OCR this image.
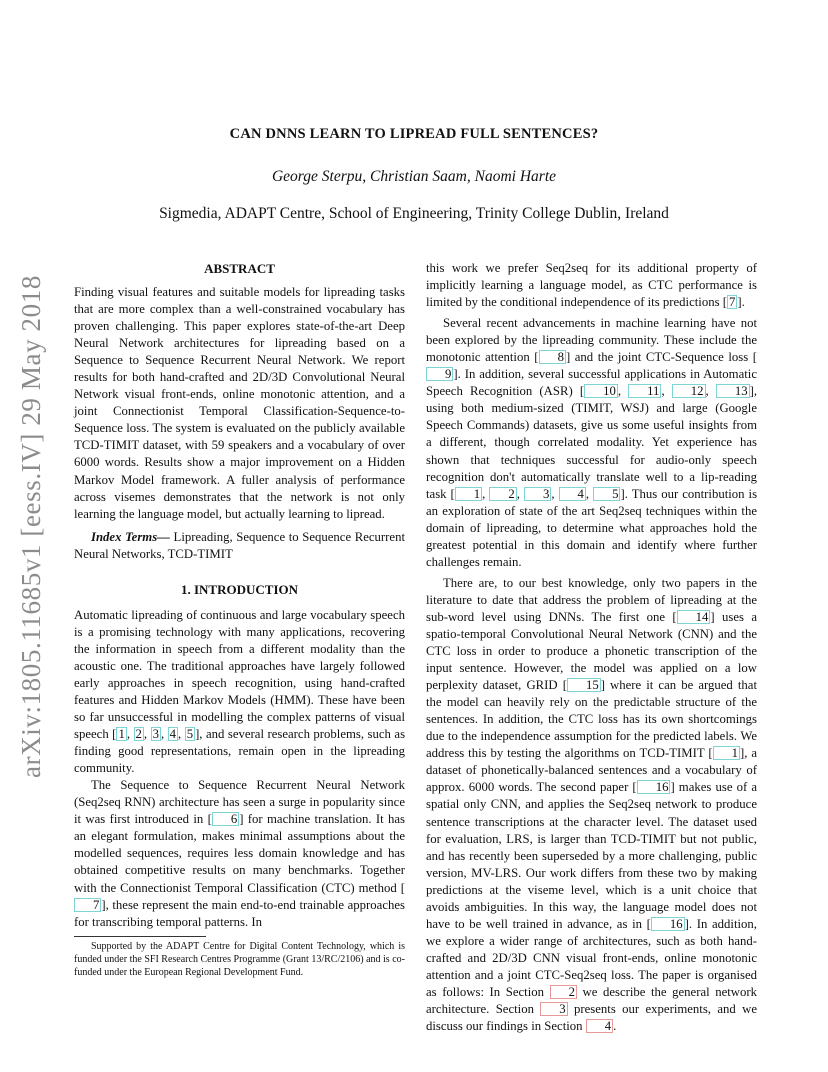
arXiv:1805.11685v1 [eess.IV] 29 May 2018
CAN DNNS LEARN TO LIPREAD FULL SENTENCES?
George Sterpu, Christian Saam, Naomi Harte
Sigmedia, ADAPT Centre, School of Engineering, Trinity College Dublin, Ireland
ABSTRACT

Finding visual features and suitable models for lipreading tasks that are more complex than a well-constrained vocabulary has proven challenging. This paper explores state-of-the-art Deep Neural Network architectures for lipreading based on a Sequence to Sequence Recurrent Neural Network. We report results for both hand-crafted and 2D/3D Convolutional Neural Network visual front-ends, online monotonic attention, and a joint Connectionist Temporal Classification-Sequence-to-Sequence loss. The system is evaluated on the publicly available TCD-TIMIT dataset, with 59 speakers and a vocabulary of over 6000 words. Results show a major improvement on a Hidden Markov Model framework. A fuller analysis of performance across visemes demonstrates that the network is not only learning the language model, but actually learning to lipread.

Index Terms— Lipreading, Sequence to Sequence Recurrent Neural Networks, TCD-TIMIT

1. INTRODUCTION

Automatic lipreading of continuous and large vocabulary speech is a promising technology with many applications, recovering the information in speech from a different modality than the acoustic one. The traditional approaches have largely followed early approaches in speech recognition, using hand-crafted features and Hidden Markov Models (HMM). These have been so far unsuccessful in modelling the complex patterns of visual speech [ 1 , 2 , 3 , 4 , 5 ], and several research problems, such as finding good representations, remain open in the lipreading community.

The Sequence to Sequence Recurrent Neural Network (Seq2seq RNN) architecture has seen a surge in popularity since it was first introduced in [ 6 ] for machine translation. It has an elegant formulation, makes minimal assumptions about the modelled sequences, requires less domain knowledge and has obtained competitive results on many benchmarks. Together with the Connectionist Temporal Classification (CTC) method [7 ], these represent the main end-to-end trainable approaches for transcribing temporal patterns. In

Supported by the ADAPT Centre for Digital Content Technology, which is funded under the SFI Research Centres Programme (Grant 13/RC/2106) and is co-funded under the European Regional Development Fund.

this work we prefer Seq2seq for its additional property of implicitly learning a language model, as CTC performance is limited by the conditional independence of its predictions [ 7 ].

Several recent advancements in machine learning have not been explored by the lipreading community. These include the monotonic attention [ 8 ] and the joint CTC-Sequence loss [9 ]. In addition, several successful applications in Automatic Speech Recognition (ASR) [ 10 , 11 , 12 , 13 ], using both medium-sized (TIMIT, WSJ) and large (Google Speech Commands) datasets, give us some useful insights from a different, though correlated modality. Yet experience has shown that techniques successful for audio-only speech recognition don't automatically translate well to a lip-reading task [ 1 , 2 , 3 , 4 , 5 ]. Thus our contribution is an exploration of state of the art Seq2seq techniques within the domain of lipreading, to determine what approaches hold the greatest potential in this domain and identify where further challenges remain.

There are, to our best knowledge, only two papers in the literature to date that address the problem of lipreading at the sub-word level using DNNs. The first one [ 14 ] uses a spatio-temporal Convolutional Neural Network (CNN) and the CTC loss in order to produce a phonetic transcription of the input sentence. However, the model was applied on a low perplexity dataset, GRID [ 15 ] where it can be argued that the model can heavily rely on the predictable structure of the sentences. In addition, the CTC loss has its own shortcomings due to the independence assumption for the predicted labels. We address this by testing the algorithms on TCD-TIMIT [ 1 ], a dataset of phonetically-balanced sentences and a vocabulary of approx. 6000 words. The second paper [ 16 ] makes use of a spatial only CNN, and applies the Seq2seq network to produce sentence transcriptions at the character level. The dataset used for evaluation, LRS, is larger than TCD-TIMIT but not public, and has recently been superseded by a more challenging, public version, MV-LRS. Our work differs from these two by making predictions at the viseme level, which is a unit choice that avoids ambiguities. In this way, the language model does not have to be well trained in advance, as in [ 16 ]. In addition, we explore a wider range of architectures, such as both hand-crafted and 2D/3D CNN visual front-ends, online monotonic attention and a joint CTC-Seq2seq loss. The paper is organised as follows: In Section 2 we describe the general network architecture. Section 3 presents our experiments, and we discuss our findings in Section 4 .
